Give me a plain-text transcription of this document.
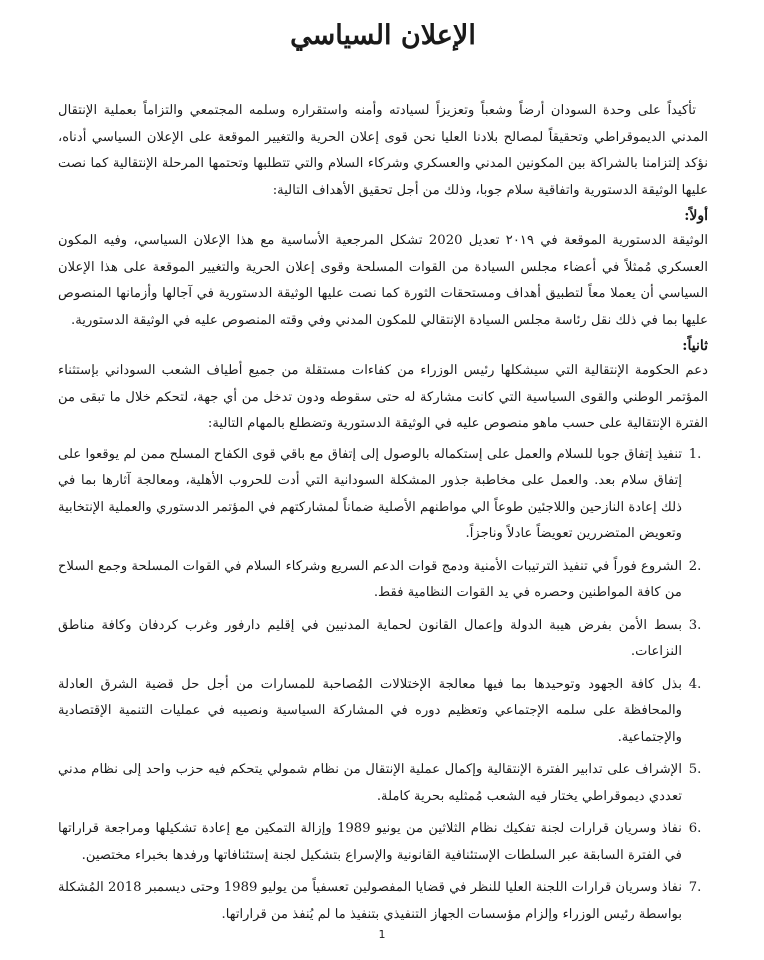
الإعلان السياسي

تأكيداً على وحدة السودان أرضاً وشعباً وتعزيزاً لسيادته وأمنه واستقراره وسلمه المجتمعي والتزاماً بعملية الإنتقال المدني الديموقراطي وتحقيقاً لمصالح بلادنا العليا نحن قوى إعلان الحرية والتغيير الموقعة على الإعلان السياسي أدناه، نؤكد إلتزامنا بالشراكة بين المكونين المدني والعسكري وشركاء السلام والتي تتطلبها وتحتمها المرحلة الإنتقالية كما نصت عليها الوثيقة الدستورية واتفاقية سلام جوبا، وذلك من أجل تحقيق الأهداف التالية:

أولاً:

الوثيقة الدستورية الموقعة في ٢٠١٩ تعديل 2020 تشكل المرجعية الأساسية مع هذا الإعلان السياسي، وفيه المكون العسكري مُمثلاً في أعضاء مجلس السيادة من القوات المسلحة وقوى إعلان الحرية والتغيير الموقعة على هذا الإعلان السياسي أن يعملا معاً لتطبيق أهداف ومستحقات الثورة كما نصت عليها الوثيقة الدستورية في آجالها وأزمانها المنصوص عليها بما في ذلك نقل رئاسة مجلس السيادة الإنتقالي للمكون المدني وفي وقته المنصوص عليه في الوثيقة الدستورية.

ثانياً:

دعم الحكومة الإنتقالية التي سيشكلها رئيس الوزراء من كفاءات مستقلة من جميع أطياف الشعب السوداني بإستثناء المؤتمر الوطني والقوى السياسية التي كانت مشاركة له حتى سقوطه ودون تدخل من أي جهة، لتحكم خلال ما تبقى من الفترة الإنتقالية على حسب ماهو منصوص عليه في الوثيقة الدستورية وتضطلع بالمهام التالية:

1.
تنفيذ إتفاق جوبا للسلام والعمل على إستكماله بالوصول إلى إتفاق مع باقي قوى الكفاح المسلح ممن لم يوقعوا على إتفاق سلام بعد. والعمل على مخاطبة جذور المشكلة السودانية التي أدت للحروب الأهلية، ومعالجة آثارها بما في ذلك إعادة النازحين واللاجئين طوعاً الي مواطنهم الأصلية ضماناً لمشاركتهم في المؤتمر الدستوري والعملية الإنتخابية وتعويض المتضررين تعويضاً عادلاً وناجزاً.
2.
الشروع فوراً في تنفيذ الترتيبات الأمنية ودمج قوات الدعم السريع وشركاء السلام في القوات المسلحة وجمع السلاح من كافة المواطنين وحصره في يد القوات النظامية فقط.
3.
بسط الأمن بفرض هيبة الدولة وإعمال القانون لحماية المدنيين في إقليم دارفور وغرب كردفان وكافة مناطق النزاعات.
4.
بذل كافة الجهود وتوحيدها بما فيها معالجة الإختلالات المُصاحبة للمسارات من أجل حل قضية الشرق العادلة والمحافظة على سلمه الإجتماعي وتعظيم دوره في المشاركة السياسية ونصيبه في عمليات التنمية الإقتصادية والإجتماعية.
5.
الإشراف على تدابير الفترة الإنتقالية وإكمال عملية الإنتقال من نظام شمولي يتحكم فيه حزب واحد إلى نظام مدني تعددي ديموقراطي يختار فيه الشعب مُمثليه بحرية كاملة.
6.
نفاذ وسريان قرارات لجنة تفكيك نظام الثلاثين من يونيو 1989 وإزالة التمكين مع إعادة تشكيلها ومراجعة قراراتها في الفترة السابقة عبر السلطات الإستئنافية القانونية والإسراع بتشكيل لجنة إستئنافاتها ورفدها بخبراء مختصين.
7.
نفاذ وسريان قرارات اللجنة العليا للنظر في قضايا المفصولين تعسفياً من يوليو 1989 وحتى ديسمبر 2018 المُشكلة بواسطة رئيس الوزراء وإلزام مؤسسات الجهاز التنفيذي بتنفيذ ما لم يُنفذ من قراراتها.
1
